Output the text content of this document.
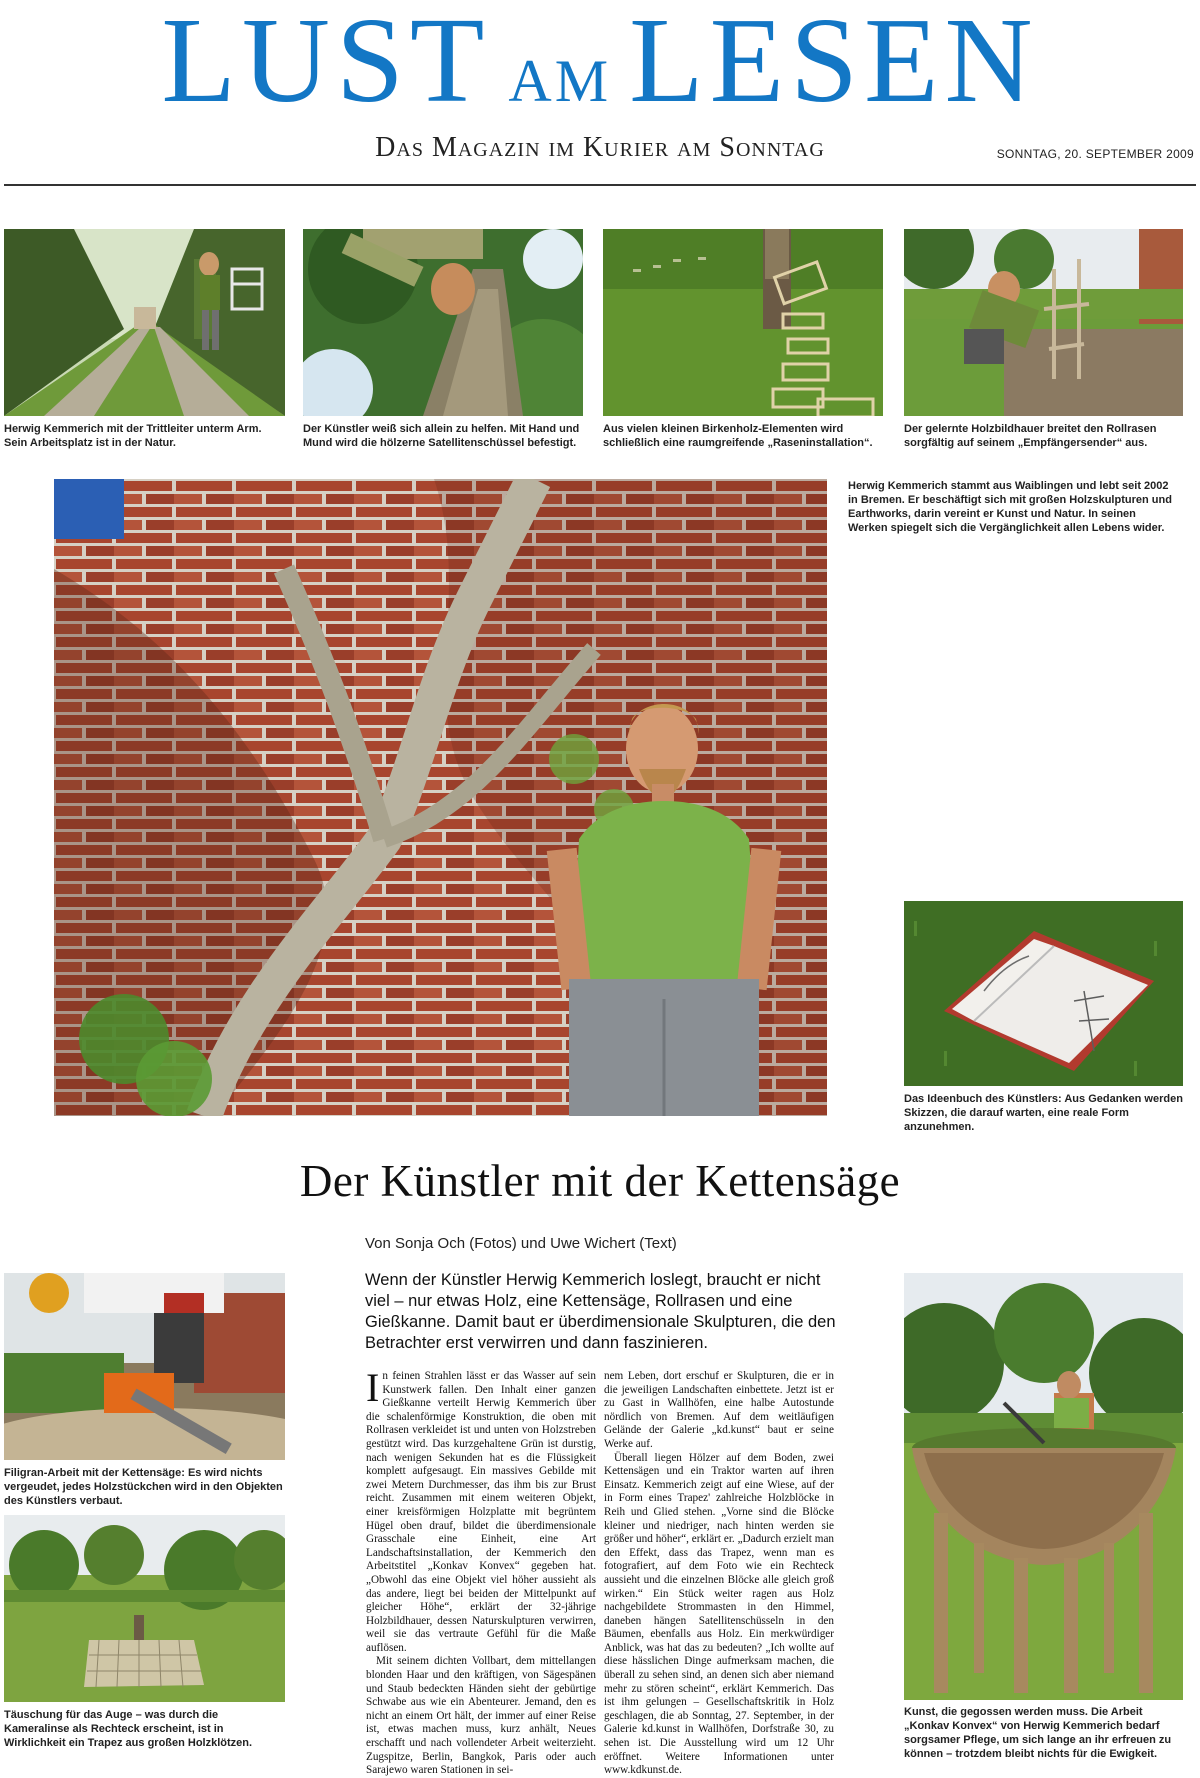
LUST AM LESEN
Das Magazin im Kurier am Sonntag	SONNTAG, 20. SEPTEMBER 2009
Herwig Kemmerich mit der Trittleiter unterm Arm. Sein Arbeitsplatz ist in der Natur.
Der Künstler weiß sich allein zu helfen. Mit Hand und Mund wird die hölzerne Satellitenschüssel befestigt.
Aus vielen kleinen Birkenholz-Elementen wird schließlich eine raumgreifende „Raseninstallation“.
Der gelernte Holzbildhauer breitet den Rollrasen sorgfältig auf seinem „Empfängersender“ aus.
Herwig Kemmerich stammt aus Waiblingen und lebt seit 2002 in Bremen. Er beschäftigt sich mit großen Holzskulpturen und Earthworks, darin vereint er Kunst und Natur. In seinen Werken spiegelt sich die Vergänglichkeit allen Lebens wider.
Das Ideenbuch des Künstlers: Aus Gedanken werden Skizzen, die darauf warten, eine reale Form anzunehmen.
Der Künstler mit der Kettensäge
Von Sonja Och (Fotos) und Uwe Wichert (Text)
Wenn der Künstler Herwig Kemmerich loslegt, braucht er nicht viel – nur etwas Holz, eine Kettensäge, Rollrasen und eine Gießkanne. Damit baut er überdimensionale Skulpturen, die den Betrachter erst verwirren und dann faszinieren.
Filigran-Arbeit mit der Kettensäge: Es wird nichts vergeudet, jedes Holzstückchen wird in den Objekten des Künstlers verbaut.
Täuschung für das Auge – was durch die Kameralinse als Rechteck erscheint, ist in Wirklichkeit ein Trapez aus großen Holzklötzen.

In feinen Strahlen lässt er das Wasser auf sein Kunstwerk fallen. Den Inhalt einer ganzen Gießkanne verteilt Herwig Kemmerich über die schalenförmige Konstruktion, die oben mit Rollrasen verkleidet ist und unten von Holzstreben gestützt wird. Das kurzgehaltene Grün ist durstig, nach wenigen Sekunden hat es die Flüssigkeit komplett aufgesaugt. Ein massives Gebilde mit zwei Metern Durchmesser, das ihm bis zur Brust reicht. Zusammen mit einem weiteren Objekt, einer kreisförmigen Holzplatte mit begrüntem Hügel oben drauf, bildet die überdimensionale Grasschale eine Einheit, eine Art Landschaftsinstallation, der Kemmerich den Arbeitstitel „Konkav Konvex“ gegeben hat. „Obwohl das eine Objekt viel höher aussieht als das andere, liegt bei beiden der Mittelpunkt auf gleicher Höhe“, erklärt der 32-jährige Holzbildhauer, dessen Naturskulpturen verwirren, weil sie das vertraute Gefühl für die Maße auflösen.

Mit seinem dichten Vollbart, dem mittellangen blonden Haar und den kräftigen, von Sägespänen und Staub bedeckten Händen sieht der gebürtige Schwabe aus wie ein Abenteurer. Jemand, den es nicht an einem Ort hält, der immer auf einer Reise ist, etwas machen muss, kurz anhält, Neues erschafft und nach vollendeter Arbeit weiterzieht. Zugspitze, Berlin, Bangkok, Paris oder auch Sarajewo waren Stationen in sei-

nem Leben, dort erschuf er Skulpturen, die er in die jeweiligen Landschaften einbettete. Jetzt ist er zu Gast in Wallhöfen, eine halbe Autostunde nördlich von Bremen. Auf dem weitläufigen Gelände der Galerie „kd.kunst“ baut er seine Werke auf.

Überall liegen Hölzer auf dem Boden, zwei Kettensägen und ein Traktor warten auf ihren Einsatz. Kemmerich zeigt auf eine Wiese, auf der in Form eines Trapez' zahlreiche Holzblöcke in Reih und Glied stehen. „Vorne sind die Blöcke kleiner und niedriger, nach hinten werden sie größer und höher“, erklärt er. „Dadurch erzielt man den Effekt, dass das Trapez, wenn man es fotografiert, auf dem Foto wie ein Rechteck aussieht und die einzelnen Blöcke alle gleich groß wirken.“ Ein Stück weiter ragen aus Holz nachgebildete Strommasten in den Himmel, daneben hängen Satellitenschüsseln in den Bäumen, ebenfalls aus Holz. Ein merkwürdiger Anblick, was hat das zu bedeuten? „Ich wollte auf diese hässlichen Dinge aufmerksam machen, die überall zu sehen sind, an denen sich aber niemand mehr zu stören scheint“, erklärt Kemmerich. Das ist ihm gelungen – Gesellschaftskritik in Holz geschlagen, die ab Sonntag, 27. September, in der Galerie kd.kunst in Wallhöfen, Dorfstraße 30, zu sehen ist. Die Ausstellung wird um 12 Uhr eröffnet. Weitere Informationen unter www.kdkunst.de.

Kunst, die gegossen werden muss. Die Arbeit „Konkav Konvex“ von Herwig Kemmerich bedarf sorgsamer Pflege, um sich lange an ihr erfreuen zu können – trotzdem bleibt nichts für die Ewigkeit.
